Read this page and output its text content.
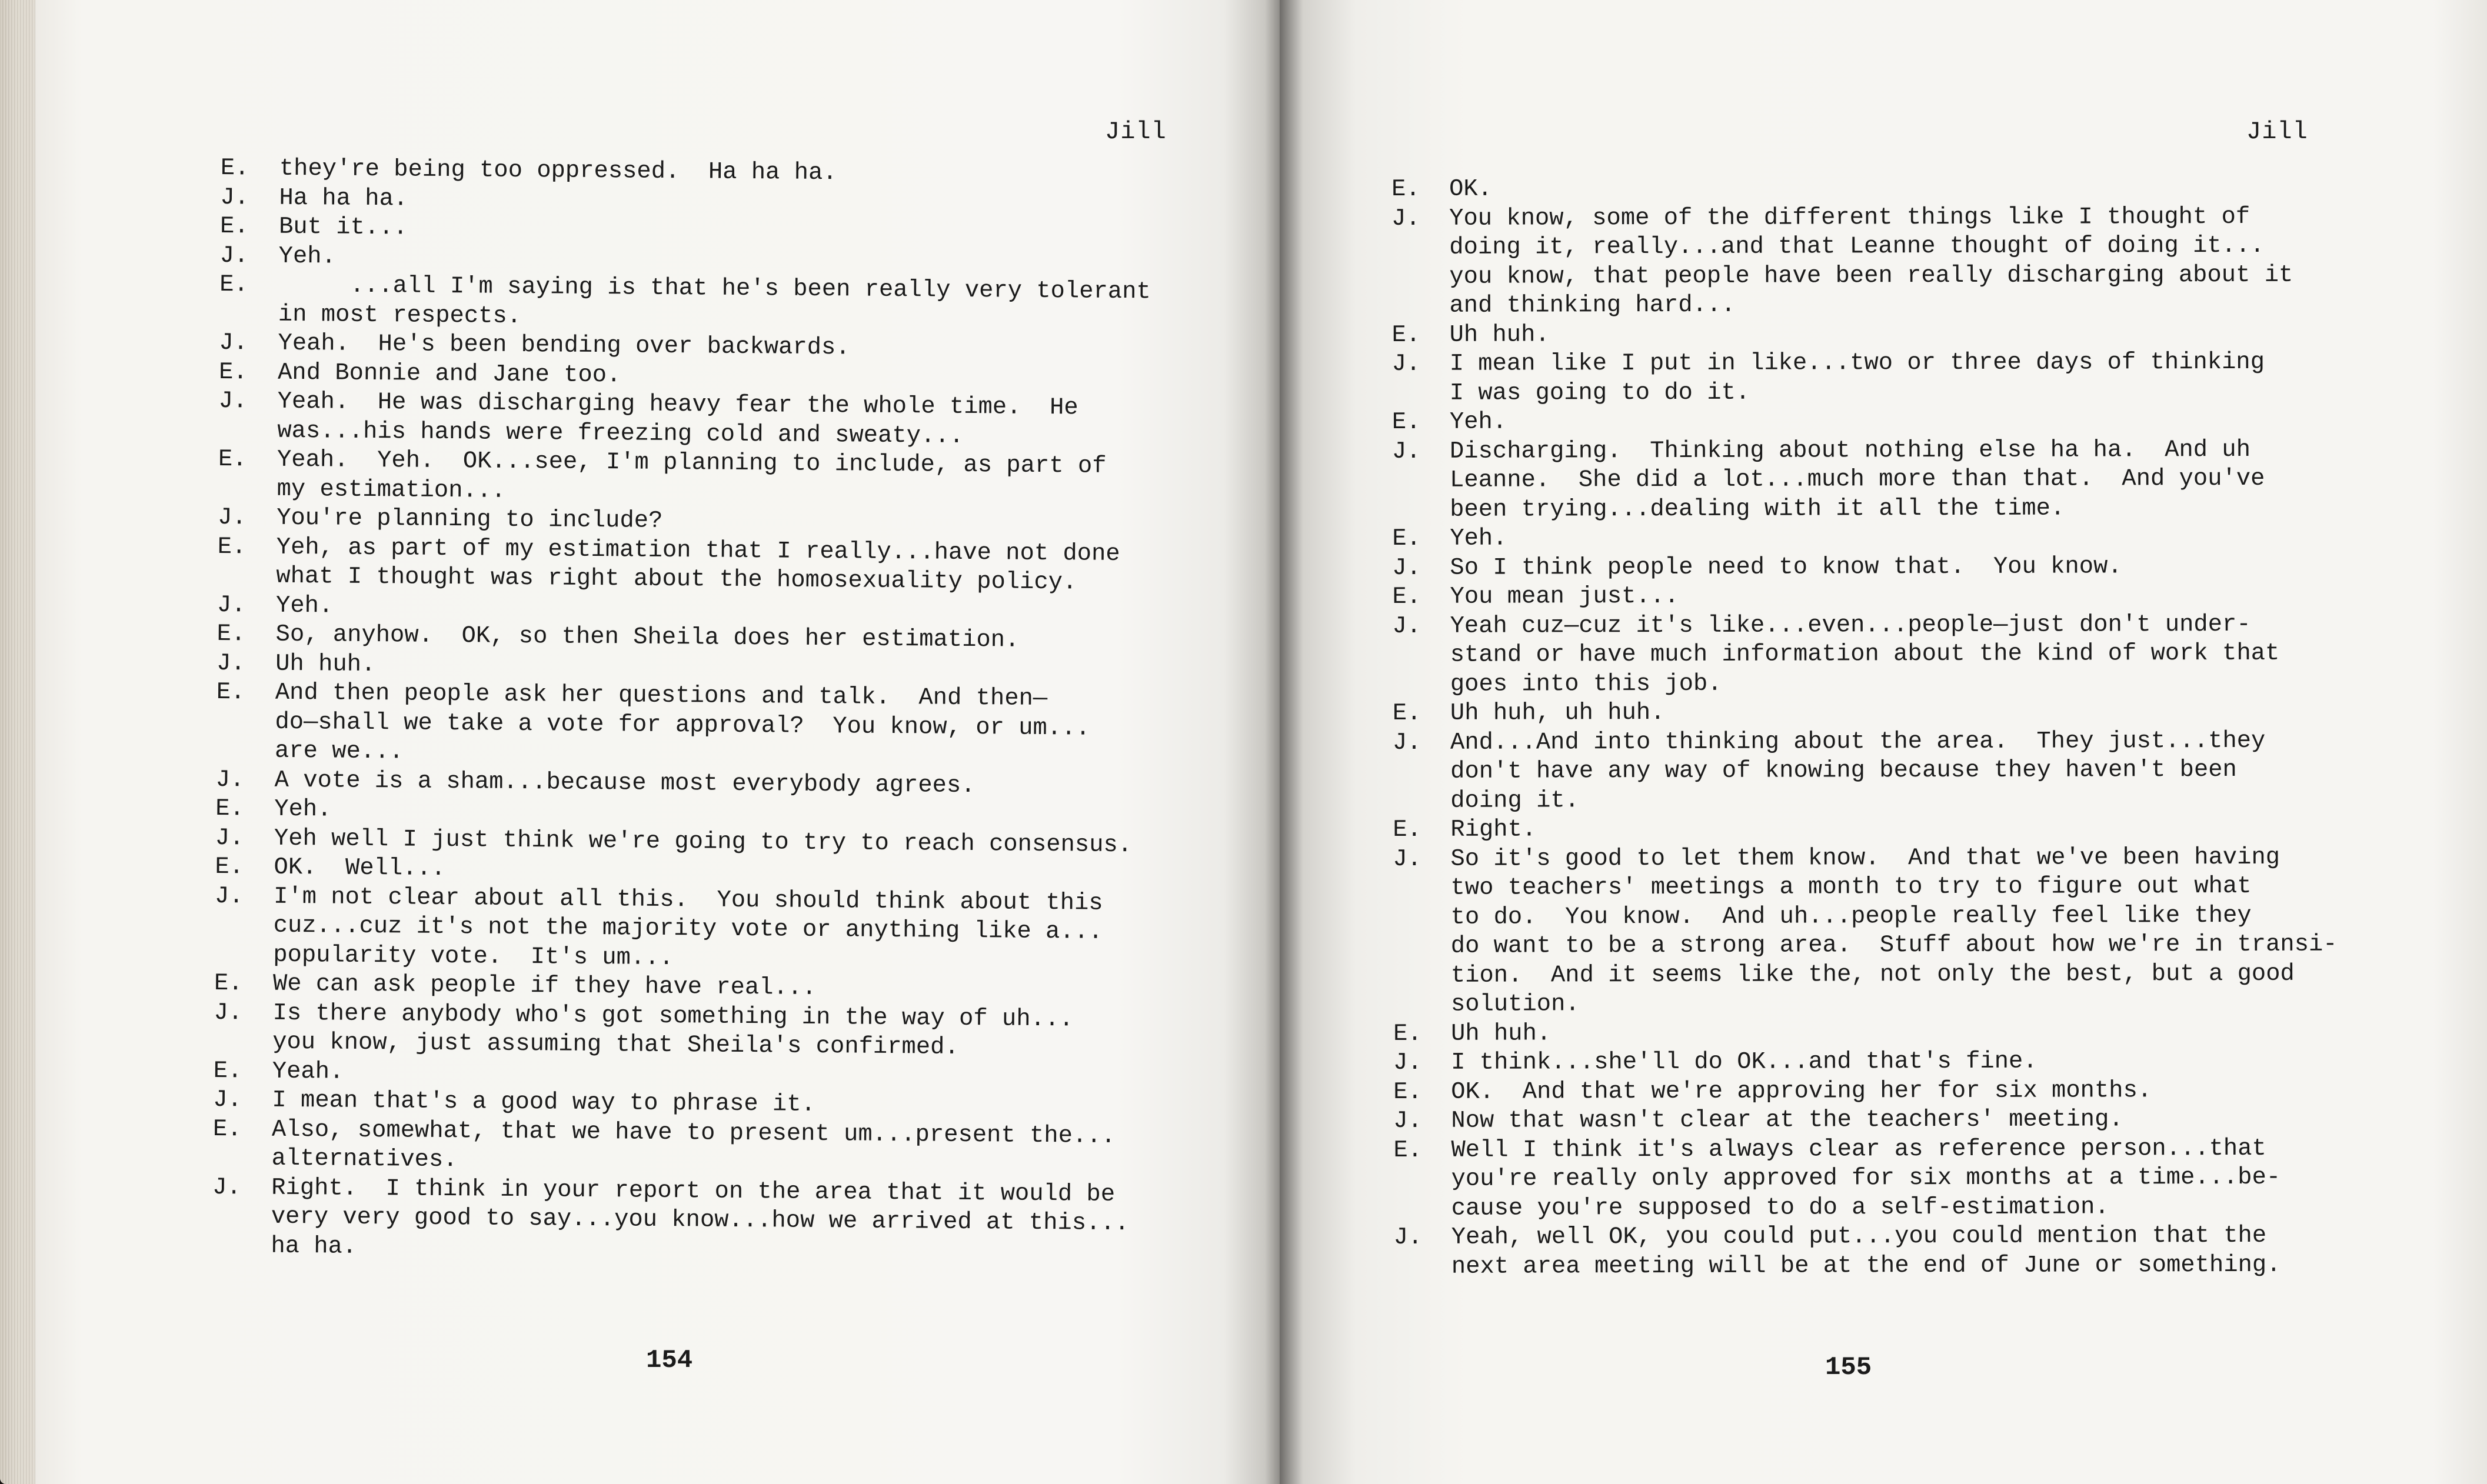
Jill
E. they're being too oppressed.  Ha ha ha.
J. Ha ha ha.
E. But it...
J. Yeh.
E. ...all I'm saying is that he's been really very tolerant
in most respects.
J. Yeah.  He's been bending over backwards.
E. And Bonnie and Jane too.
J. Yeah.  He was discharging heavy fear the whole time.  He
was...his hands were freezing cold and sweaty...
E. Yeah.  Yeh.  OK...see, I'm planning to include, as part of
my estimation...
J. You're planning to include?
E. Yeh, as part of my estimation that I really...have not done
what I thought was right about the homosexuality policy.
J. Yeh.
E. So, anyhow.  OK, so then Sheila does her estimation.
J. Uh huh.
E. And then people ask her questions and talk.  And then—
do—shall we take a vote for approval?  You know, or um...
are we...
J. A vote is a sham...because most everybody agrees.
E. Yeh.
J. Yeh well I just think we're going to try to reach consensus.
E. OK.  Well...
J. I'm not clear about all this.  You should think about this
cuz...cuz it's not the majority vote or anything like a...
popularity vote.  It's um...
E. We can ask people if they have real...
J. Is there anybody who's got something in the way of uh...
you know, just assuming that Sheila's confirmed.
E. Yeah.
J. I mean that's a good way to phrase it.
E. Also, somewhat, that we have to present um...present the...
alternatives.
J. Right.  I think in your report on the area that it would be
very very good to say...you know...how we arrived at this...
ha ha.
154
Jill
E. OK.
J. You know, some of the different things like I thought of
doing it, really...and that Leanne thought of doing it...
you know, that people have been really discharging about it
and thinking hard...
E. Uh huh.
J. I mean like I put in like...two or three days of thinking
I was going to do it.
E. Yeh.
J. Discharging.  Thinking about nothing else ha ha.  And uh
Leanne.  She did a lot...much more than that.  And you've
been trying...dealing with it all the time.
E. Yeh.
J. So I think people need to know that.  You know.
E. You mean just...
J. Yeah cuz—cuz it's like...even...people—just don't under-
stand or have much information about the kind of work that
goes into this job.
E. Uh huh, uh huh.
J. And...And into thinking about the area.  They just...they
don't have any way of knowing because they haven't been
doing it.
E. Right.
J. So it's good to let them know.  And that we've been having
two teachers' meetings a month to try to figure out what
to do.  You know.  And uh...people really feel like they
do want to be a strong area.  Stuff about how we're in transi-
tion.  And it seems like the, not only the best, but a good
solution.
E. Uh huh.
J. I think...she'll do OK...and that's fine.
E. OK.  And that we're approving her for six months.
J. Now that wasn't clear at the teachers' meeting.
E. Well I think it's always clear as reference person...that
you're really only approved for six months at a time...be-
cause you're supposed to do a self-estimation.
J. Yeah, well OK, you could put...you could mention that the
next area meeting will be at the end of June or something.
155
